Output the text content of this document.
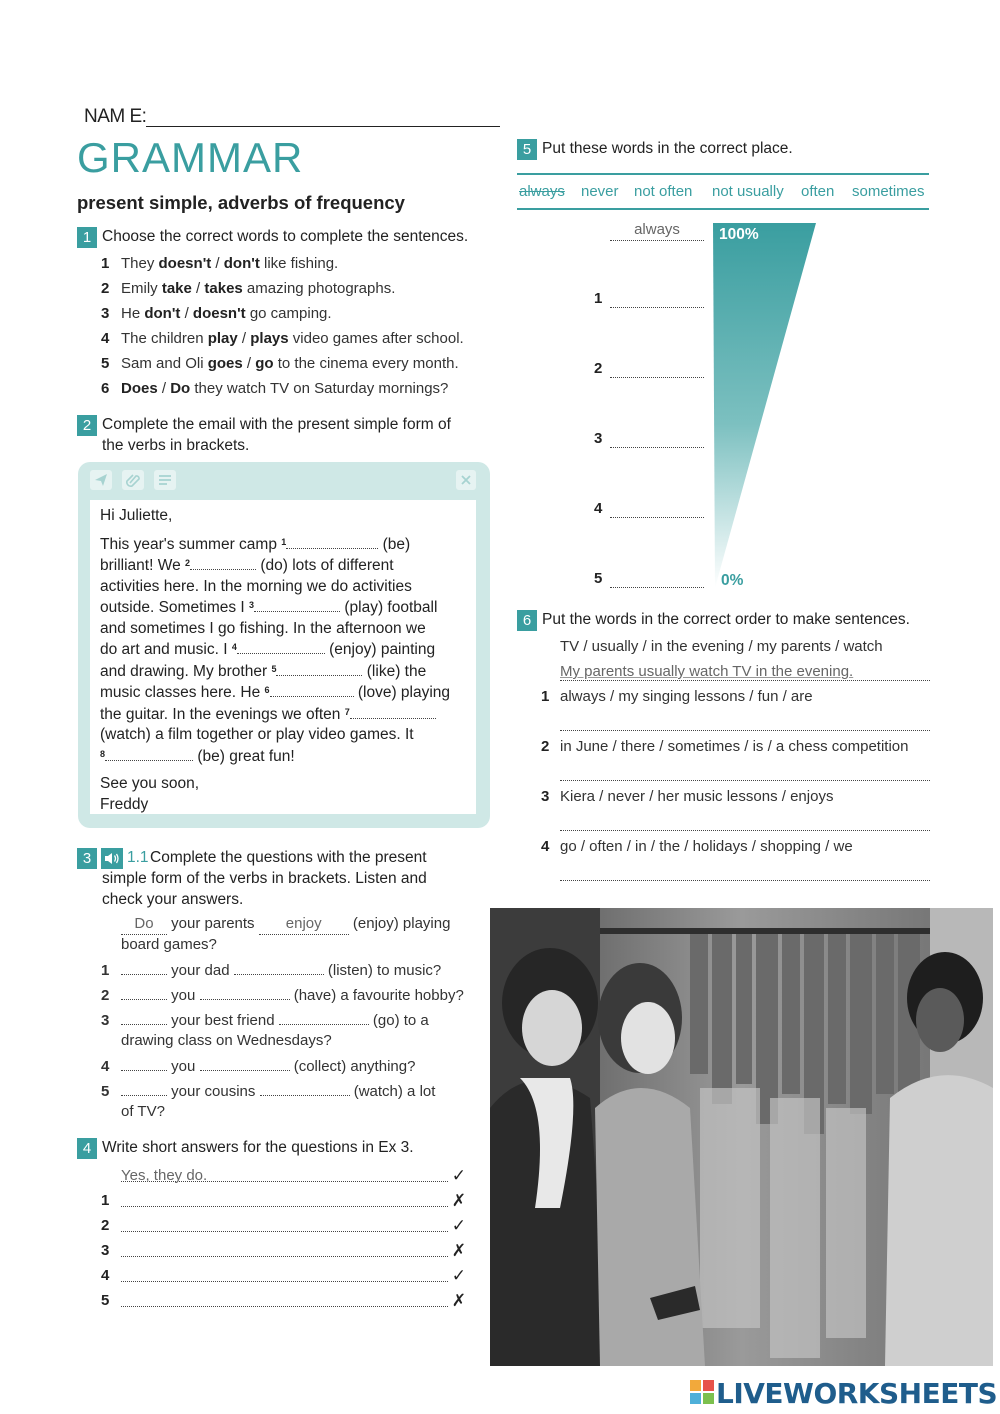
NAM E:
GRAMMAR
present simple, adverbs of frequency
1 Choose the correct words to complete the sentences.
1 They doesn't / don't like fishing.
2 Emily take / takes amazing photographs.
3 He don't / doesn't go camping.
4 The children play / plays video games after school.
5 Sam and Oli goes / go to the cinema every month.
6 Does / Do they watch TV on Saturday mornings?
2 Complete the email with the present simple form of
the verbs in brackets.
Hi Juliette,
This year's summer camp $^1$	(be)
brilliant! We $^2$	(do) lots of different
activities here. In the morning we do activities
outside. Sometimes I $^3$	(play) football
and sometimes I go fishing. In the afternoon we
do art and music. I $^4$	(enjoy) painting
and drawing. My brother $^5$	(like) the
music classes here. He $^6$	(love) playing
the guitar. In the evenings we often $^7$
(watch) a film together or play video games. It
$^8$	(be) great fun!
See you soon,
Freddy
3 1.1 Complete the questions with the present
simple form of the verbs in brackets. Listen and
check your answers.
Do your parents enjoy (enjoy) playing
board games?
1	your dad	(listen) to music?
2	you	(have) a favourite hobby?
3	your best friend	(go) to a
drawing class on Wednesdays?
4	you	(collect) anything?
5	your cousins	(watch) a lot
of TV?
4 Write short answers for the questions in Ex 3.
Yes, they do.	✓
1	✗
2	✓
3	✗
4	✓
5	✗
5 Put these words in the correct place.
always never not often not usually often sometimes
100%
0%
always
1
2
3
4
5
6 Put the words in the correct order to make sentences.
TV / usually / in the evening / my parents / watch
My parents usually watch TV in the evening.
1 always / my singing lessons / fun / are
2 in June / there / sometimes / is / a chess competition
3 Kiera / never / her music lessons / enjoys
4 go / often / in / the / holidays / shopping / we
LIVEWORKSHEETS
